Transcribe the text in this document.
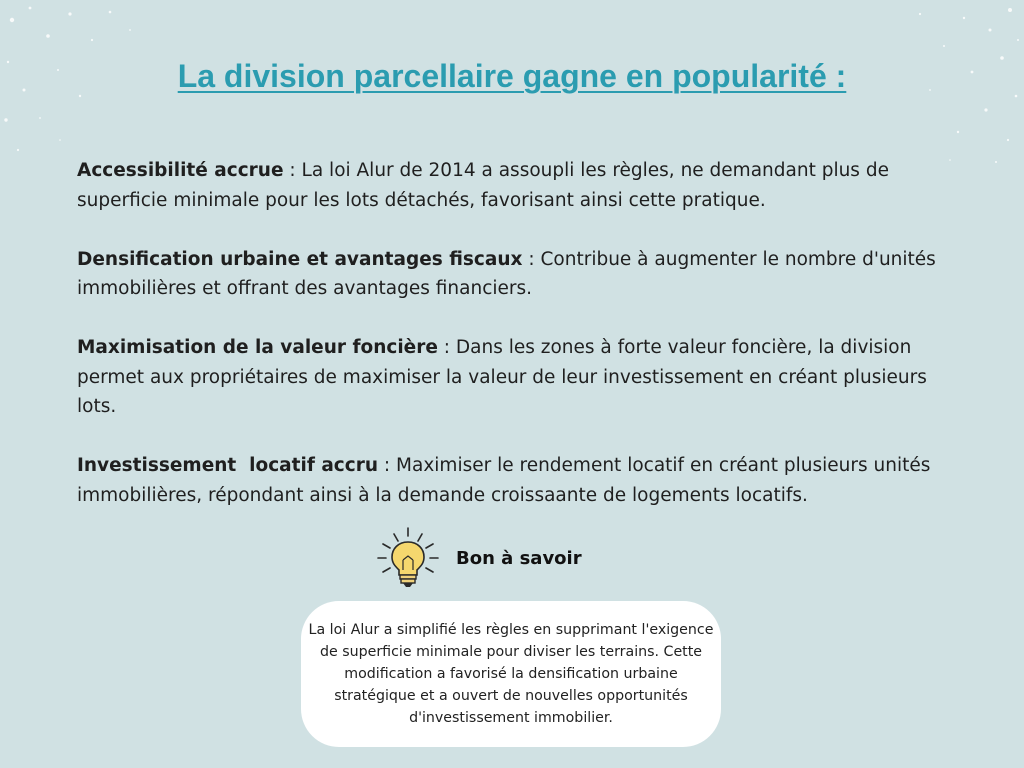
La division parcellaire gagne en popularité :

Accessibilité accrue : La loi Alur de 2014 a assoupli les règles, ne demandant plus de superficie minimale pour les lots détachés, favorisant ainsi cette pratique.

Densification urbaine et avantages fiscaux : Contribue à augmenter le nombre d'unités immobilières et offrant des avantages financiers.

Maximisation de la valeur foncière : Dans les zones à forte valeur foncière, la division permet aux propriétaires de maximiser la valeur de leur investissement en créant plusieurs lots.

Investissement  locatif accru : Maximiser le rendement locatif en créant plusieurs unités immobilières, répondant ainsi à la demande croissaante de logements locatifs.

Bon à savoir
La loi Alur a simplifié les règles en supprimant l'exigence de superficie minimale pour diviser les terrains. Cette modification a favorisé la densification urbaine stratégique et a ouvert de nouvelles opportunités d'investissement immobilier.
